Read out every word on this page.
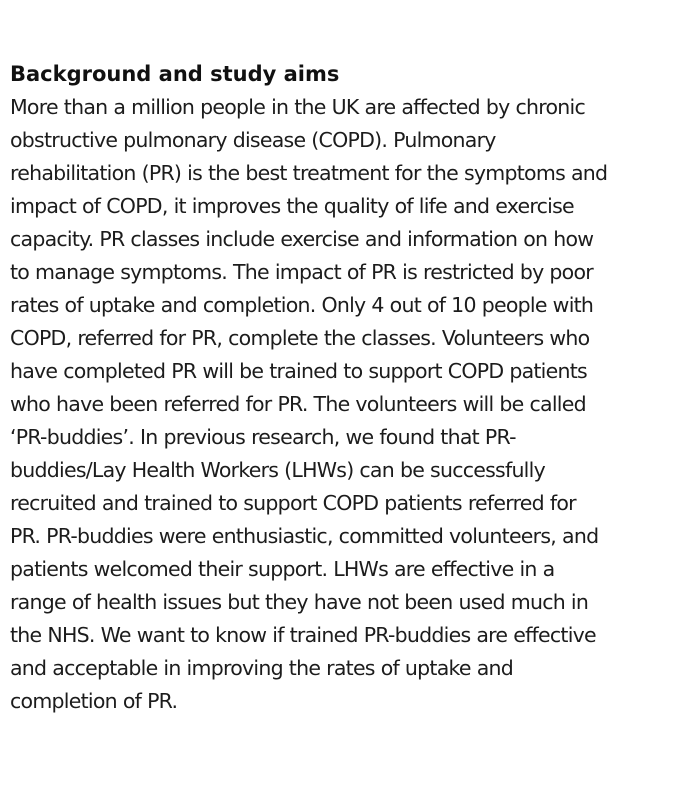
Background and study aims

More than a million people in the UK are affected by chronic
obstructive pulmonary disease (COPD). Pulmonary
rehabilitation (PR) is the best treatment for the symptoms and
impact of COPD, it improves the quality of life and exercise
capacity. PR classes include exercise and information on how
to manage symptoms. The impact of PR is restricted by poor
rates of uptake and completion. Only 4 out of 10 people with
COPD, referred for PR, complete the classes. Volunteers who
have completed PR will be trained to support COPD patients
who have been referred for PR. The volunteers will be called
‘PR-buddies’. In previous research, we found that PR-
buddies/Lay Health Workers (LHWs) can be successfully
recruited and trained to support COPD patients referred for
PR. PR-buddies were enthusiastic, committed volunteers, and
patients welcomed their support. LHWs are effective in a
range of health issues but they have not been used much in
the NHS. We want to know if trained PR-buddies are effective
and acceptable in improving the rates of uptake and
completion of PR.
